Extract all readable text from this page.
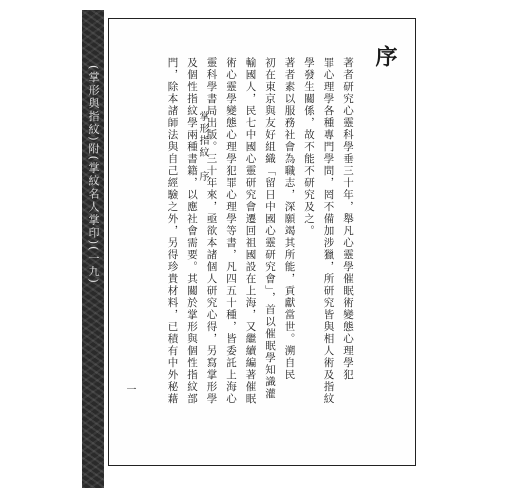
(掌形與指紋)附(掌紋名人掌印)(一九)
序
著者研究心靈科學垂三十年，舉凡心靈學催眠術變態心理學犯
罪心理學各種專門學問，罔不備加涉獵，所研究皆與相人術及指紋
學發生關係，故不能不研究及之。
著者素以服務社會為職志，深願竭其所能，貢獻當世。溯自民
初在東京與友好組織「留日中國心靈研究會」，首以催眠學知識灌
輸國人，民七中國心靈研究會遷回祖國設在上海，又繼續編著催眠
術心靈學變態心理學犯罪心理學等書，凡四五十種，皆委託上海心
靈科學書局出版。三十年來，亟欲本諸個人研究心得，另寫掌形學
及個性指紋學兩種書籍，以應社會需要。其關於掌形與個性指紋部
門，除本諸師法與自己經驗之外，另得珍貴材料，已積有中外秘藉	掌形指紋　序
一
